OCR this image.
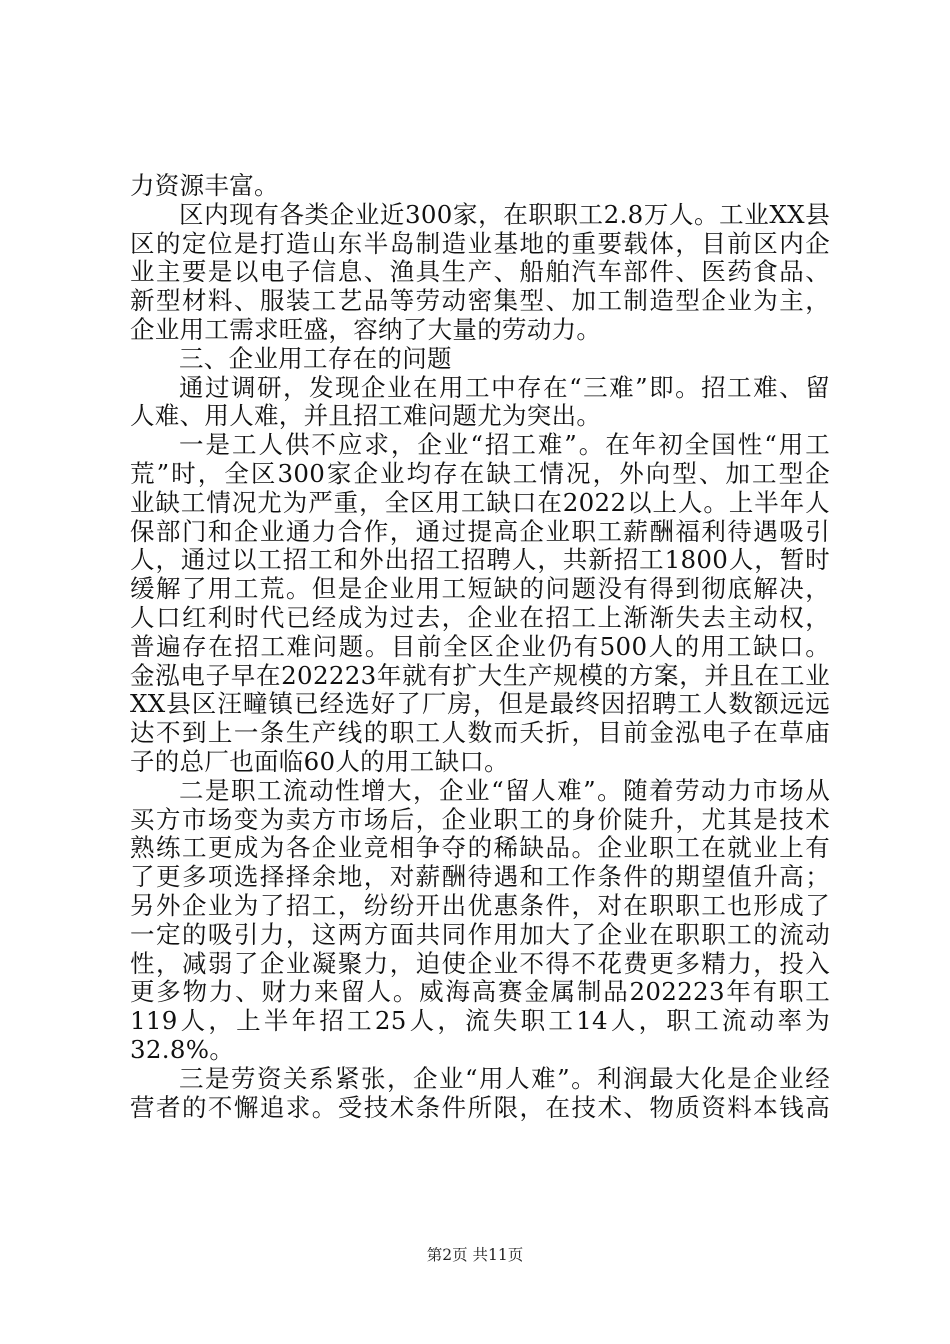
力资源丰富。
区内现有各类企业近300家，在职职工2.8万人。工业XX县
区的定位是打造山东半岛制造业基地的重要载体，目前区内企
业主要是以电子信息、渔具生产、船舶汽车部件、医药食品、
新型材料、服装工艺品等劳动密集型、加工制造型企业为主，
企业用工需求旺盛，容纳了大量的劳动力。
三、企业用工存在的问题
通过调研，发现企业在用工中存在“三难”即。招工难、留
人难、用人难，并且招工难问题尤为突出。
一是工人供不应求，企业“招工难”。在年初全国性“用工
荒”时，全区300家企业均存在缺工情况，外向型、加工型企
业缺工情况尤为严重，全区用工缺口在2022以上人。上半年人
保部门和企业通力合作，通过提高企业职工薪酬福利待遇吸引
人，通过以工招工和外出招工招聘人，共新招工1800人，暂时
缓解了用工荒。但是企业用工短缺的问题没有得到彻底解决，
人口红利时代已经成为过去，企业在招工上渐渐失去主动权，
普遍存在招工难问题。目前全区企业仍有500人的用工缺口。
金泓电子早在202223年就有扩大生产规模的方案，并且在工业
XX县区汪疃镇已经选好了厂房，但是最终因招聘工人数额远远
达不到上一条生产线的职工人数而夭折，目前金泓电子在草庙
子的总厂也面临60人的用工缺口。
二是职工流动性增大，企业“留人难”。随着劳动力市场从
买方市场变为卖方市场后，企业职工的身价陡升，尤其是技术
熟练工更成为各企业竞相争夺的稀缺品。企业职工在就业上有
了更多项选择择余地，对薪酬待遇和工作条件的期望值升高；
另外企业为了招工，纷纷开出优惠条件，对在职职工也形成了
一定的吸引力，这两方面共同作用加大了企业在职职工的流动
性，减弱了企业凝聚力，迫使企业不得不花费更多精力，投入
更多物力、财力来留人。威海高赛金属制品202223年有职工
119人，上半年招工25人，流失职工14人，职工流动率为
32.8%。
三是劳资关系紧张，企业“用人难”。利润最大化是企业经
营者的不懈追求。受技术条件所限，在技术、物质资料本钱高
第2页 共11页
